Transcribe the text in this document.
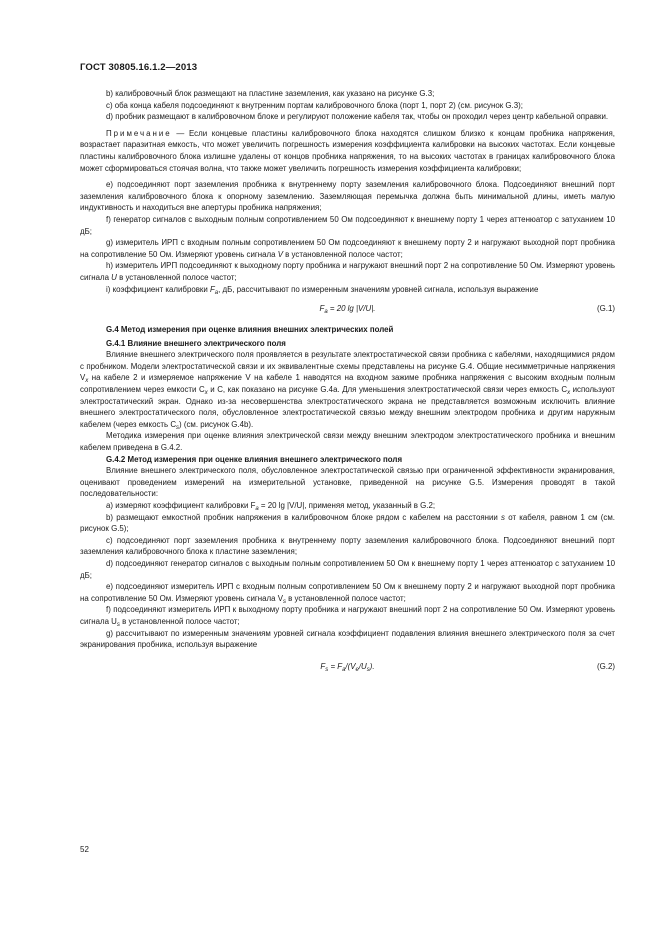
ГОСТ 30805.16.1.2—2013

b) калибровочный блок размещают на пластине заземления, как указано на рисунке G.3;

c) оба конца кабеля подсоединяют к внутренним портам калибровочного блока (порт 1, порт 2) (см. рисунок G.3);

d) пробник размещают в калибровочном блоке и регулируют положение кабеля так, чтобы он проходил через центр кабельной оправки.

Примечание — Если концевые пластины калибровочного блока находятся слишком близко к концам пробника напряжения, возрастает паразитная емкость, что может увеличить погрешность измерения коэффициента калибровки на высоких частотах. Если концевые пластины калибровочного блока излишне удалены от концов пробника напряжения, то на высоких частотах в границах калибровочного блока может сформироваться стоячая волна, что также может увеличить погрешность измерения коэффициента калибровки;

e) подсоединяют порт заземления пробника к внутреннему порту заземления калибровочного блока. Подсоединяют внешний порт заземления калибровочного блока к опорному заземлению. Заземляющая перемычка должна быть минимальной длины, иметь малую индуктивность и находиться вне апертуры пробника напряжения;

f) генератор сигналов с выходным полным сопротивлением 50 Ом подсоединяют к внешнему порту 1 через аттенюатор с затуханием 10 дБ;

g) измеритель ИРП с входным полным сопротивлением 50 Ом подсоединяют к внешнему порту 2 и нагружают выходной порт пробника на сопротивление 50 Ом. Измеряют уровень сигнала V в установленной полосе частот;

h) измеритель ИРП подсоединяют к выходному порту пробника и нагружают внешний порт 2 на сопротивление 50 Ом. Измеряют уровень сигнала U в установленной полосе частот;

i) коэффициент калибровки $F_a$, дБ, рассчитывают по измеренным значениям уровней сигнала, используя выражение

$F_a = 20$ lg |V/U|.	(G.1)

G.4 Метод измерения при оценке влияния внешних электрических полей

G.4.1 Влияние внешнего электрического поля

Влияние внешнего электрического поля проявляется в результате электростатической связи пробника с кабелями, находящимися рядом с пробником. Модели электростатической связи и их эквивалентные схемы представлены на рисунке G.4. Общие несимметричные напряжения $V_x$ на кабеле 2 и измеряемое напряжение V на кабеле 1 наводятся на входном зажиме пробника напряжения с высоким входным полным сопротивлением через емкости $C_x$ и C, как показано на рисунке G.4a. Для уменьшения электростатической связи через емкость $C_x$ используют электростатический экран. Однако из-за несовершенства электростатического экрана не представляется возможным исключить влияние внешнего электростатического поля, обусловленное электростатической связью между внешним электродом пробника и другим наружным кабелем (через емкость $C_s$) (см. рисунок G.4b).

Методика измерения при оценке влияния электрической связи между внешним электродом электростатического пробника и внешним кабелем приведена в G.4.2.

G.4.2 Метод измерения при оценке влияния внешнего электрического поля

Влияние внешнего электрического поля, обусловленное электростатической связью при ограниченной эффективности экранирования, оценивают проведением измерений на измерительной установке, приведенной на рисунке G.5. Измерения проводят в такой последовательности:

a) измеряют коэффициент калибровки $F_a = 20$ lg |V/U|, применяя метод, указанный в G.2;

b) размещают емкостной пробник напряжения в калибровочном блоке рядом с кабелем на расстоянии s от кабеля, равном 1 см (см. рисунок G.5);

c) подсоединяют порт заземления пробника к внутреннему порту заземления калибровочного блока. Подсоединяют внешний порт заземления калибровочного блока к пластине заземления;

d) подсоединяют генератор сигналов с выходным полным сопротивлением 50 Ом к внешнему порту 1 через аттенюатор с затуханием 10 дБ;

e) подсоединяют измеритель ИРП с входным полным сопротивлением 50 Ом к внешнему порту 2 и нагружают выходной порт пробника на сопротивление 50 Ом. Измеряют уровень сигнала $V_s$ в установленной полосе частот;

f) подсоединяют измеритель ИРП к выходному порту пробника и нагружают внешний порт 2 на сопротивление 50 Ом. Измеряют уровень сигнала $U_s$ в установленной полосе частот;

g) рассчитывают по измеренным значениям уровней сигнала коэффициент подавления влияния внешнего электрического поля за счет экранирования пробника, используя выражение

$F_s = F_a/(V_e/U_s)$.	(G.2)
52
